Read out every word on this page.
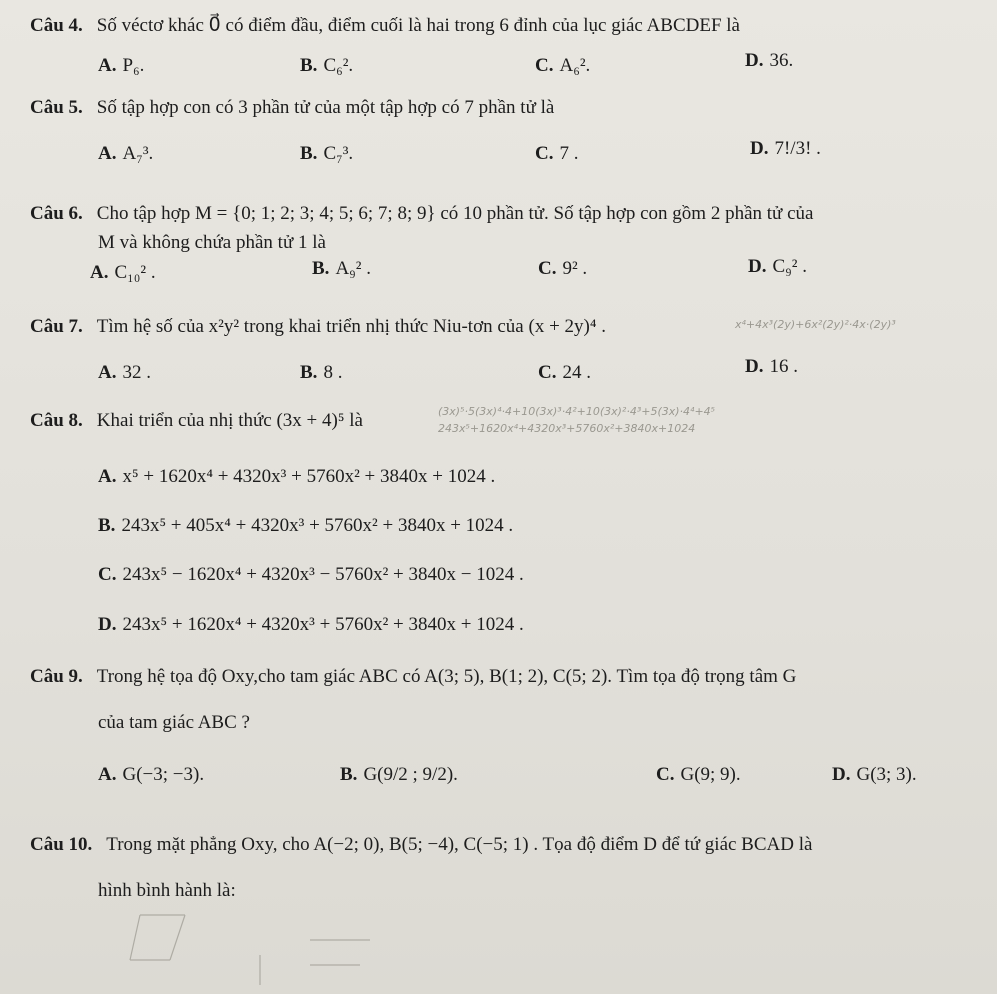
Câu 4. Số véctơ khác 0⃗ có điểm đầu, điểm cuối là hai trong 6 đỉnh của lục giác ABCDEF là
A. P₆.	B. C₆².	C. A₆².	D. 36.
Câu 5. Số tập hợp con có 3 phần tử của một tập hợp có 7 phần tử là
A. A₇³.	B. C₇³.	C. 7 .	D. 7!/3! .
Câu 6. Cho tập hợp M = {0; 1; 2; 3; 4; 5; 6; 7; 8; 9} có 10 phần tử. Số tập hợp con gồm 2 phần tử của
M và không chứa phần tử 1 là
A. C₁₀² .	B. A₉² .	C. 9² .	D. C₉² .
Câu 7. Tìm hệ số của x²y² trong khai triển nhị thức Niu-tơn của (x + 2y)⁴ .	x⁴+4x³(2y)+6x²(2y)²·4x·(2y)³
A. 32 .	B. 8 .	C. 24 .	D. 16 .
Câu 8. Khai triển của nhị thức (3x + 4)⁵ là	(3x)⁵·5(3x)⁴·4+10(3x)³·4²+10(3x)²·4³+5(3x)·4⁴+4⁵
243x⁵+1620x⁴+4320x³+5760x²+3840x+1024
A. x⁵ + 1620x⁴ + 4320x³ + 5760x² + 3840x + 1024 .
B. 243x⁵ + 405x⁴ + 4320x³ + 5760x² + 3840x + 1024 .
C. 243x⁵ − 1620x⁴ + 4320x³ − 5760x² + 3840x − 1024 .
D. 243x⁵ + 1620x⁴ + 4320x³ + 5760x² + 3840x + 1024 .
Câu 9. Trong hệ tọa độ Oxy,cho tam giác ABC có A(3; 5), B(1; 2), C(5; 2). Tìm tọa độ trọng tâm G
của tam giác ABC ?
A. G(−3; −3).	B. G(9/2 ; 9/2).	C. G(9; 9).	D. G(3; 3).
Câu 10. Trong mặt phẳng Oxy, cho A(−2; 0), B(5; −4), C(−5; 1) . Tọa độ điểm D để tứ giác BCAD là
hình bình hành là:
